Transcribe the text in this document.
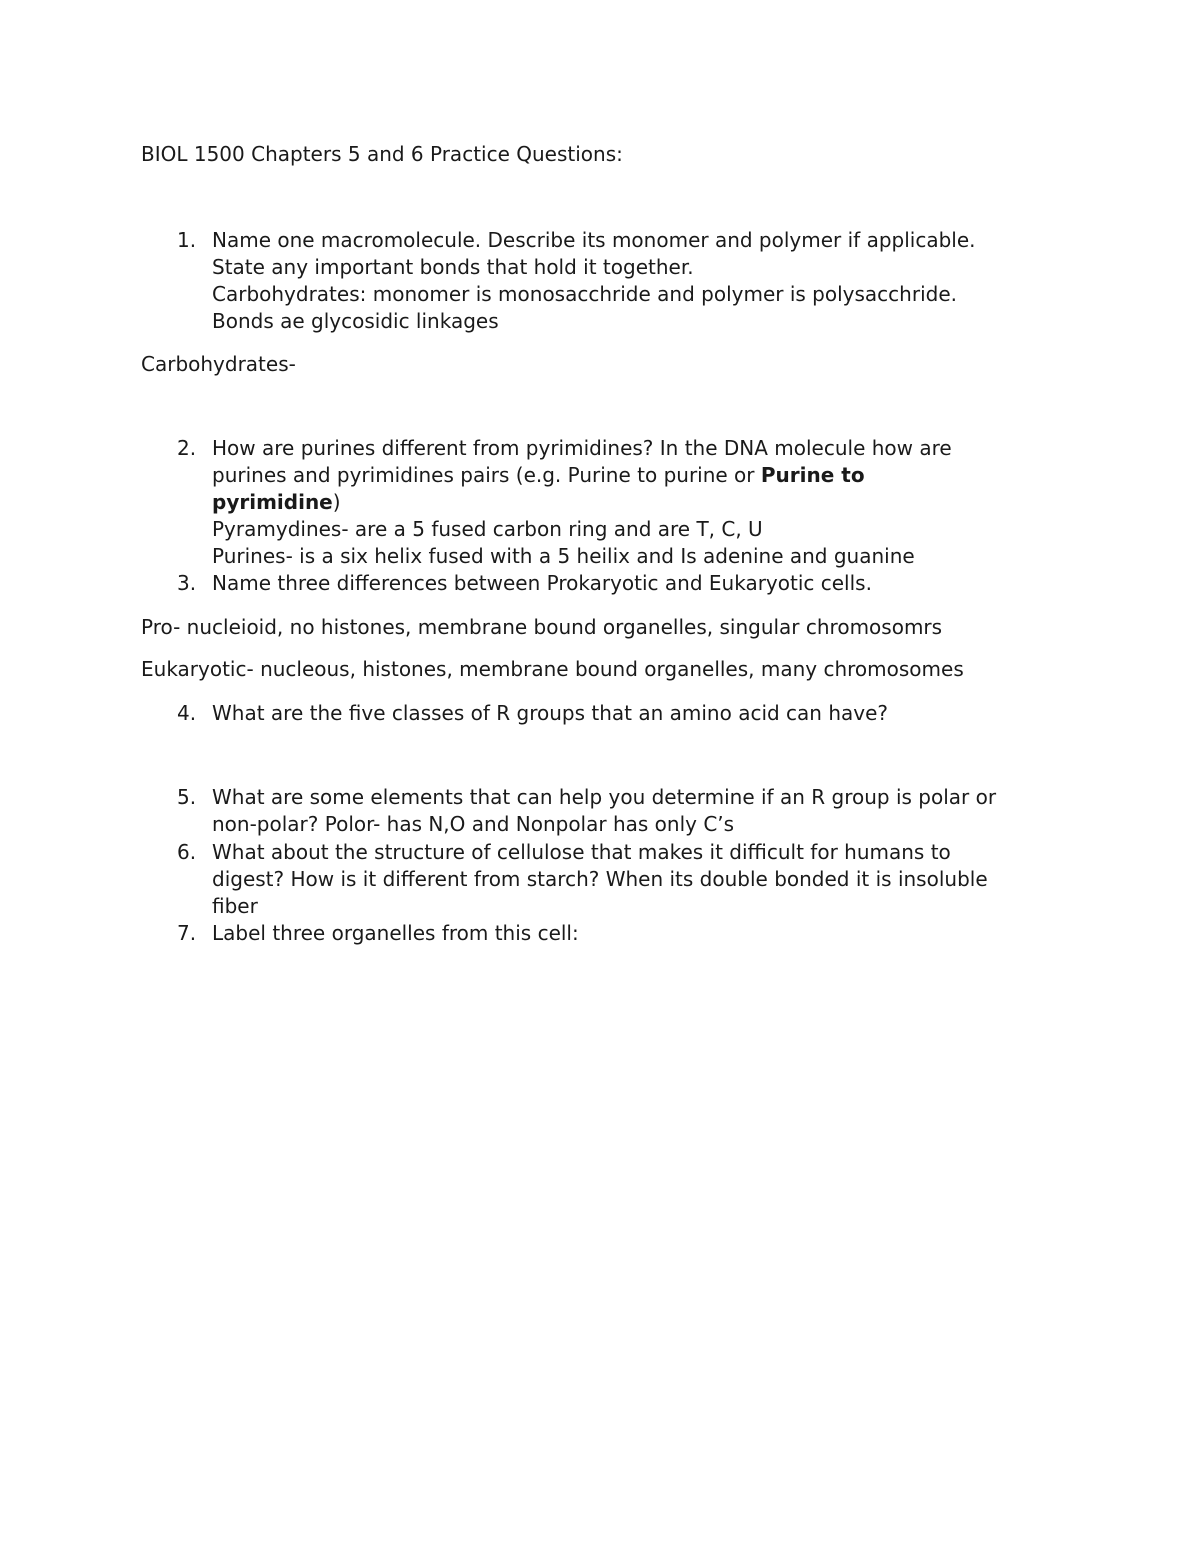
BIOL 1500 Chapters 5 and 6 Practice Questions:
1. Name one macromolecule. Describe its monomer and polymer if applicable.
State any important bonds that hold it together.
Carbohydrates: monomer is monosacchride and polymer is polysacchride.
Bonds ae glycosidic linkages
Carbohydrates-
2. How are purines different from pyrimidines? In the DNA molecule how are
purines and pyrimidines pairs (e.g. Purine to purine or Purine to
pyrimidine)
Pyramydines- are a 5 fused carbon ring and are T, C, U
Purines- is a six helix fused with a 5 heilix and Is adenine and guanine
3. Name three differences between Prokaryotic and Eukaryotic cells.
Pro- nucleioid, no histones, membrane bound organelles, singular chromosomrs
Eukaryotic- nucleous, histones, membrane bound organelles, many chromosomes
4. What are the five classes of R groups that an amino acid can have?
5. What are some elements that can help you determine if an R group is polar or
non-polar? Polor- has N,O and Nonpolar has only C’s
6. What about the structure of cellulose that makes it difficult for humans to
digest? How is it different from starch? When its double bonded it is insoluble
fiber
7. Label three organelles from this cell:
